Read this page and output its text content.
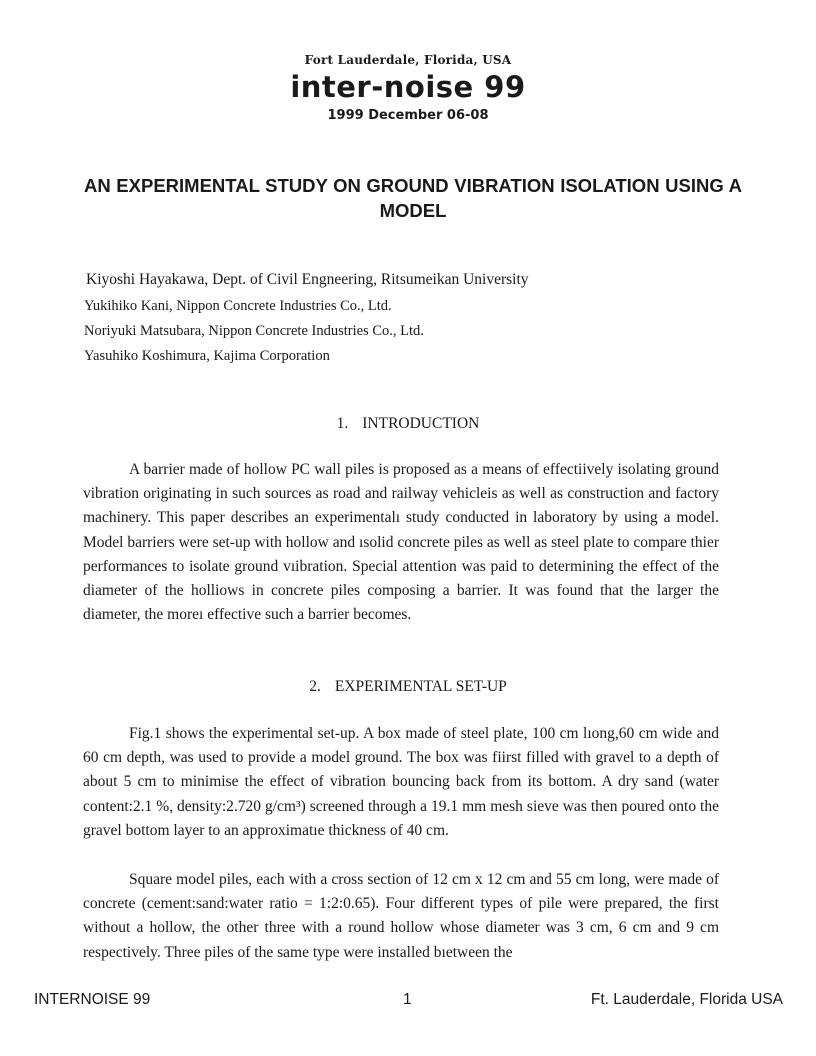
Fort Lauderdale, Florida, USA
inter-noise 99
1999 December 06-08
AN EXPERIMENTAL STUDY ON GROUND VIBRATION ISOLATION USING A MODEL
Kiyoshi Hayakawa, Dept. of Civil Engneering, Ritsumeikan University
Yukihiko Kani, Nippon Concrete Industries Co., Ltd.
Noriyuki Matsubara, Nippon Concrete Industries Co., Ltd.
Yasuhiko Koshimura, Kajima Corporation
1. INTRODUCTION

A barrier made of hollow PC wall piles is proposed as a means of effectiively isolating ground vibration originating in such sources as road and railway vehicleis as well as construction and factory machinery. This paper describes an experimentalı study conducted in laboratory by using a model. Model barriers were set-up with hollow and ısolid concrete piles as well as steel plate to compare thier performances to isolate ground vıibration. Special attention was paid to determining the effect of the diameter of the holliows in concrete piles composing a barrier. It was found that the larger the diameter, the moreı effective such a barrier becomes.

2. EXPERIMENTAL SET-UP

Fig.1 shows the experimental set-up. A box made of steel plate, 100 cm lıong,60 cm wide and 60 cm depth, was used to provide a model ground. The box was fiirst filled with gravel to a depth of about 5 cm to minimise the effect of vibration bouncing back from its bottom. A dry sand (water content:2.1 %, density:2.720 g/cm³) screened through a 19.1 mm mesh sieve was then poured onto the gravel bottom layer to an approximatıe thickness of 40 cm.

Square model piles, each with a cross section of 12 cm x 12 cm and 55 cm long, were made of concrete (cement:sand:water ratio = 1:2:0.65). Four different types of pile were prepared, the first without a hollow, the other three with a round hollow whose diameter was 3 cm, 6 cm and 9 cm respectively. Three piles of the same type were installed bıetween the

INTERNOISE 99	1	Ft. Lauderdale, Florida USA
